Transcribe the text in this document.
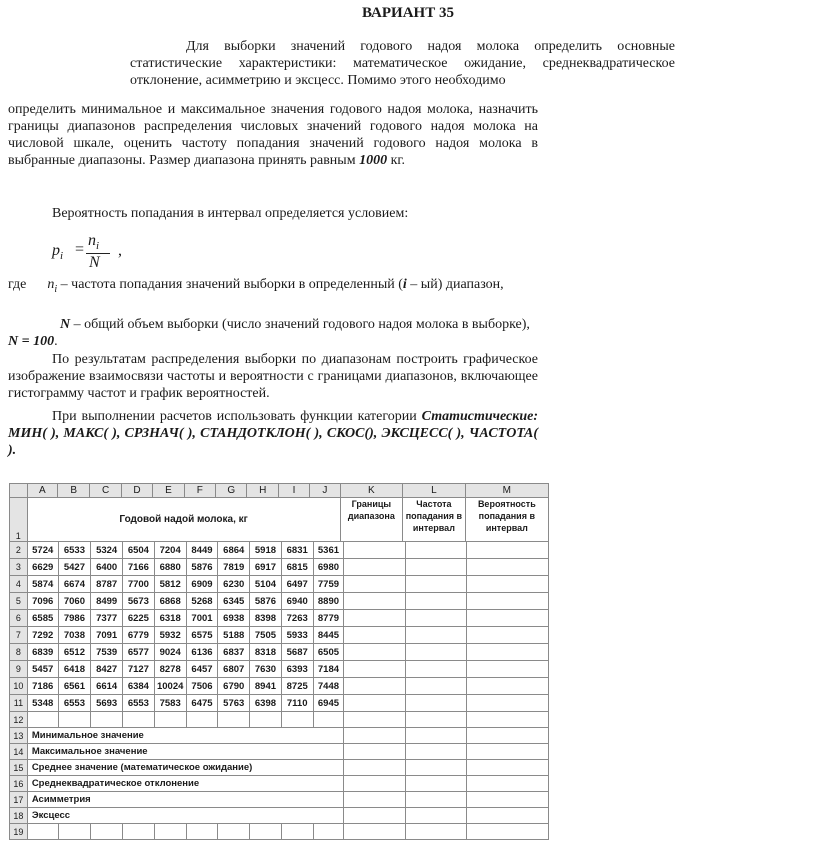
ВАРИАНТ 35
Для выборки значений годового надоя молока определить основные статистические характеристики: математическое ожидание, среднеквадратическое отклонение, асимметрию и эксцесс. Помимо этого необходимо
определить минимальное и максимальное значения годового надоя молока, назначить границы диапазонов распределения числовых значений годового надоя молока на числовой шкале, оценить частоту попадания значений годового надоя молока в выбранные диапазоны. Размер диапазона принять равным 1000 кг.
Вероятность попадания в интервал определяется условием:
$p_i$ =
$n_i$
N
,
где $n_i$ – частота попадания значений выборки в определенный (i – ый) диапазон,
N – общий объем выборки (число значений годового надоя молока в выборке), N = 100.
По результатам распределения выборки по диапазонам построить графическое изображение взаимосвязи частоты и вероятности с границами диапазонов, включающее гистограмму частот и график вероятностей.
При выполнении расчетов использовать функции категории Статистические: МИН( ), МАКС( ), СРЗНАЧ( ), СТАНДОТКЛОН( ), СКОС(), ЭКСЦЕСС( ), ЧАСТОТА( ).
	A	B	C	D	E	F	G	H	I	J	K	L	M
1	Годовой надой молока, кг										Границы диапазона	Частота попадания в интервал	Вероятность попадания в интервал
2	5724	6533	5324	6504	7204	8449	6864	5918	6831	5361			
3	6629	5427	6400	7166	6880	5876	7819	6917	6815	6980			
4	5874	6674	8787	7700	5812	6909	6230	5104	6497	7759			
5	7096	7060	8499	5673	6868	5268	6345	5876	6940	8890			
6	6585	7986	7377	6225	6318	7001	6938	8398	7263	8779			
7	7292	7038	7091	6779	5932	6575	5188	7505	5933	8445			
8	6839	6512	7539	6577	9024	6136	6837	8318	5687	6505			
9	5457	6418	8427	7127	8278	6457	6807	7630	6393	7184			
10	7186	6561	6614	6384	10024	7506	6790	8941	8725	7448			
11	5348	6553	5693	6553	7583	6475	5763	6398	7110	6945			
12													
13	Минимальное значение												
14	Максимальное значение												
15	Среднее значение (математическое ожидание)												
16	Среднеквадратическое отклонение												
17	Асимметрия												
18	Эксцесс												
19													
